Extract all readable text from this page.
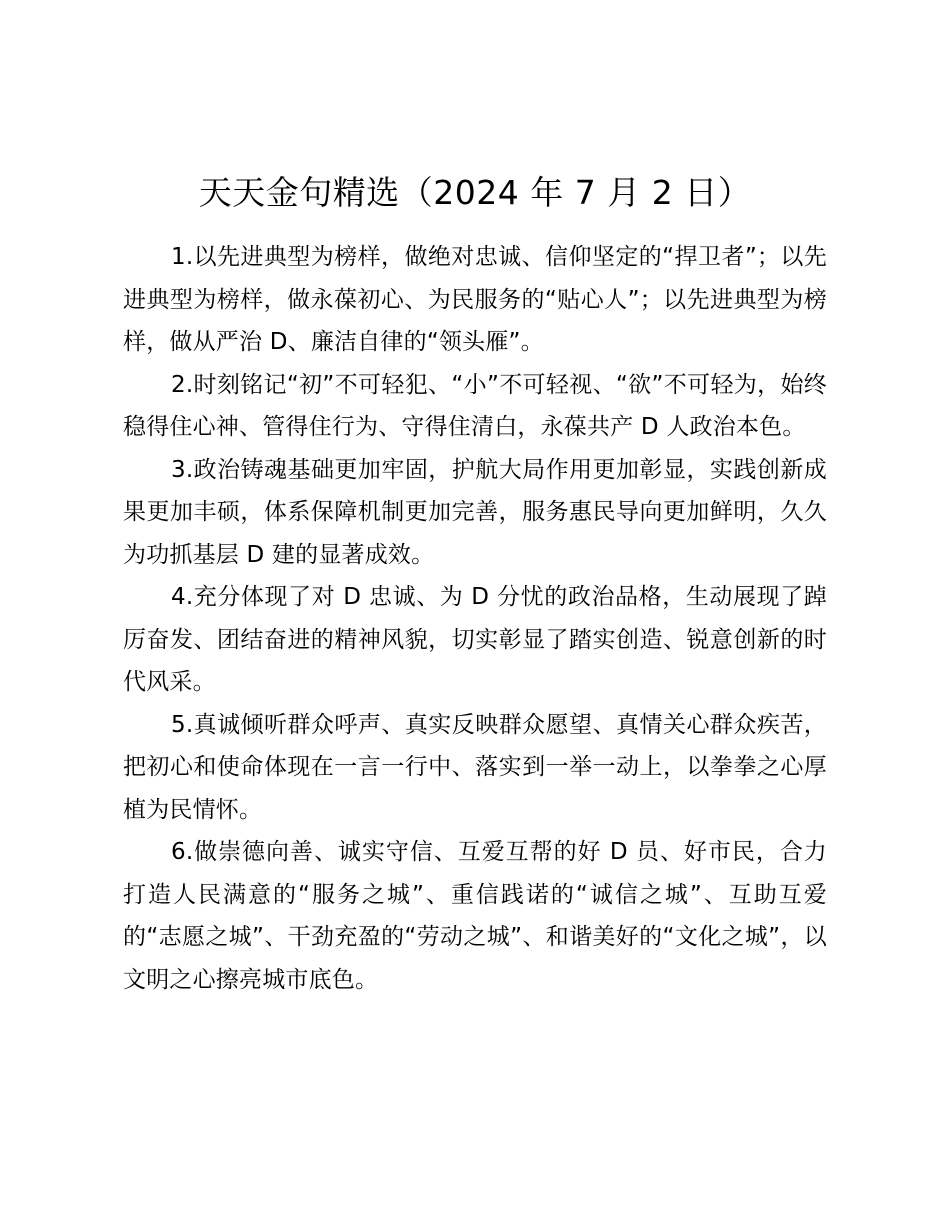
天天金句精选（2024 年 7 月 2 日）

1.以先进典型为榜样，做绝对忠诚、信仰坚定的“捍卫者”；以先进典型为榜样，做永葆初心、为民服务的“贴心人”；以先进典型为榜样，做从严治 D、廉洁自律的“领头雁”。

2.时刻铭记“初”不可轻犯、“小”不可轻视、“欲”不可轻为，始终稳得住心神、管得住行为、守得住清白，永葆共产 D 人政治本色。

3.政治铸魂基础更加牢固，护航大局作用更加彰显，实践创新成果更加丰硕，体系保障机制更加完善，服务惠民导向更加鲜明，久久为功抓基层 D 建的显著成效。

4.充分体现了对 D 忠诚、为 D 分忧的政治品格，生动展现了踔厉奋发、团结奋进的精神风貌，切实彰显了踏实创造、锐意创新的时代风采。

5.真诚倾听群众呼声、真实反映群众愿望、真情关心群众疾苦，把初心和使命体现在一言一行中、落实到一举一动上，以拳拳之心厚植为民情怀。

6.做崇德向善、诚实守信、互爱互帮的好 D 员、好市民，合力打造人民满意的“服务之城”、重信践诺的“诚信之城”、互助互爱的“志愿之城”、干劲充盈的“劳动之城”、和谐美好的“文化之城”，以文明之心擦亮城市底色。
